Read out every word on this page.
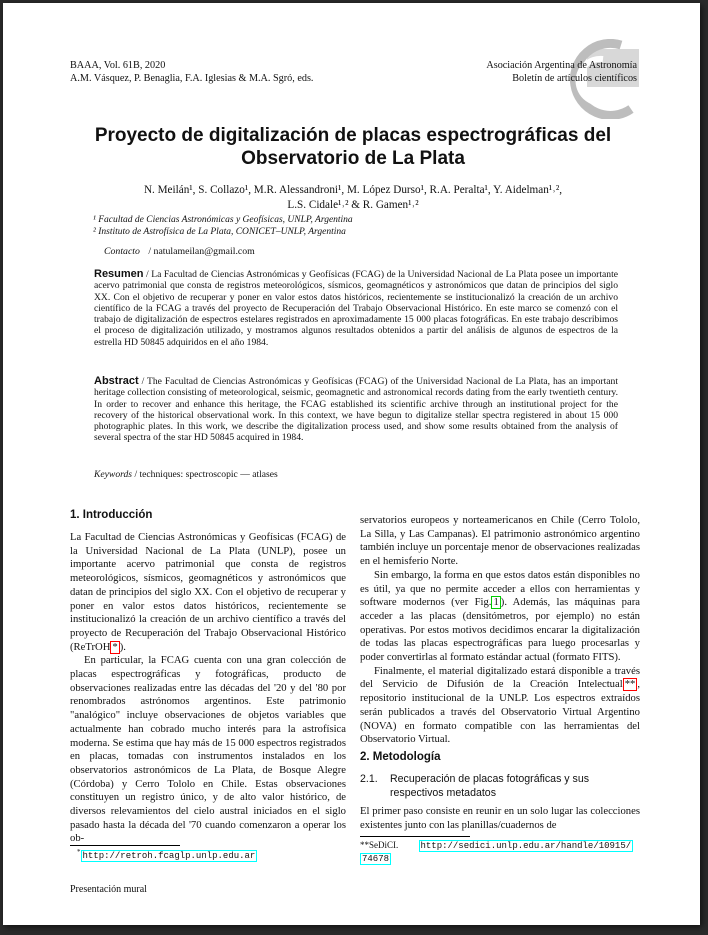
BAAA, Vol. 61B, 2020
A.M. Vásquez, P. Benaglia, F.A. Iglesias & M.A. Sgró, eds.
Asociación Argentina de Astronomía
Boletín de artículos científicos
Proyecto de digitalización de placas espectrográficas del
Observatorio de La Plata
N. Meilán¹, S. Collazo¹, M.R. Alessandroni¹, M. López Durso¹, R.A. Peralta¹, Y. Aidelman¹˒²,
L.S. Cidale¹˒² & R. Gamen¹˒²
¹ Facultad de Ciencias Astronómicas y Geofísicas, UNLP, Argentina
² Instituto de Astrofísica de La Plata, CONICET–UNLP, Argentina
Contacto / natulameilan@gmail.com
Resumen / La Facultad de Ciencias Astronómicas y Geofísicas (FCAG) de la Universidad Nacional de La Plata posee un importante acervo patrimonial que consta de registros meteorológicos, sísmicos, geomagnéticos y astronómicos que datan de principios del siglo XX. Con el objetivo de recuperar y poner en valor estos datos históricos, recientemente se institucionalizó la creación de un archivo científico de la FCAG a través del proyecto de Recuperación del Trabajo Observacional Histórico. En este marco se comenzó con el trabajo de digitalización de espectros estelares registrados en aproximadamente 15 000 placas fotográficas. En este trabajo describimos el proceso de digitalización utilizado, y mostramos algunos resultados obtenidos a partir del análisis de algunos de espectros de la estrella HD 50845 adquiridos en el año 1984.
Abstract / The Facultad de Ciencias Astronómicas y Geofísicas (FCAG) of the Universidad Nacional de La Plata, has an important heritage collection consisting of meteorological, seismic, geomagnetic and astronomical records dating from the early twentieth century. In order to recover and enhance this heritage, the FCAG established its scientific archive through an institutional project for the recovery of the historical observational work. In this context, we have begun to digitalize stellar spectra registered in about 15 000 photographic plates. In this work, we describe the digitalization process used, and show some results obtained from the analysis of several spectra of the star HD 50845 acquired in 1984.
Keywords / techniques: spectroscopic — atlases
1. Introducción

La Facultad de Ciencias Astronómicas y Geofísicas (FCAG) de la Universidad Nacional de La Plata (UNLP), posee un importante acervo patrimonial que consta de registros meteorológicos, sísmicos, geomagnéticos y astronómicos que datan de principios del siglo XX. Con el objetivo de recuperar y poner en valor estos datos históricos, recientemente se institucionalizó la creación de un archivo científico a través del proyecto de Recuperación del Trabajo Observacional Histórico (ReTrOH * ).

En particular, la FCAG cuenta con una gran colección de placas espectrográficas y fotográficas, producto de observaciones realizadas entre las décadas del '20 y del '80 por renombrados astrónomos argentinos. Este patrimonio "analógico" incluye observaciones de objetos variables que actualmente han cobrado mucho interés para la astrofísica moderna. Se estima que hay más de 15 000 espectros registrados en placas, tomadas con instrumentos instalados en los observatorios astronómicos de La Plata, de Bosque Alegre (Córdoba) y Cerro Tololo en Chile. Estas observaciones constituyen un registro único, y de alto valor histórico, de diversos relevamientos del cielo austral iniciados en el siglo pasado hasta la década del '70 cuando comenzaron a operar los ob-

servatorios europeos y norteamericanos en Chile (Cerro Tololo, La Silla, y Las Campanas). El patrimonio astronómico argentino también incluye un porcentaje menor de observaciones realizadas en el hemisferio Norte.

Sin embargo, la forma en que estos datos están disponibles no es útil, ya que no permite acceder a ellos con herramientas y software modernos (ver Fig. 1 ). Además, las máquinas para acceder a las placas (densitómetros, por ejemplo) no están operativas. Por estos motivos decidimos encarar la digitalización de todas las placas espectrográficas para luego procesarlas y poder convertirlas al formato estándar actual (formato FITS).

Finalmente, el material digitalizado estará disponible a través del Servicio de Difusión de la Creación Intelectual ** , repositorio institucional de la UNLP. Los espectros extraídos serán publicados a través del Observatorio Virtual Argentino (NOVA) en formato compatible con las herramientas del Observatorio Virtual.

2. Metodología
2.1. Recuperación de placas fotográficas y sus respectivos metadatos

El primer paso consiste en reunir en un solo lugar las colecciones existentes junto con las planillas/cuadernos de

* http://retroh.fcaglp.unlp.edu.ar
**SeDiCI. http://sedici.unlp.edu.ar/handle/10915/
74678
Presentación mural
